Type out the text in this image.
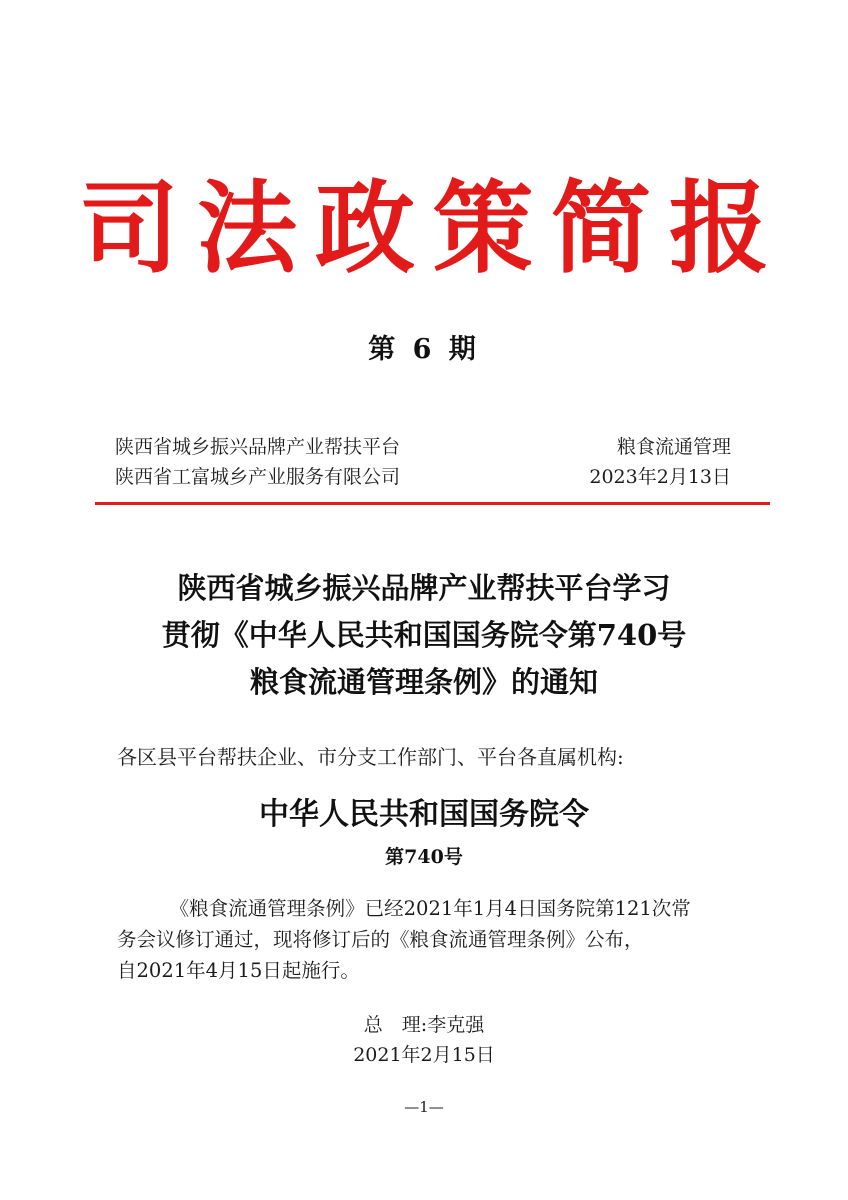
司法政策简报
第 6 期
陕西省城乡振兴品牌产业帮扶平台
陕西省工富城乡产业服务有限公司
粮食流通管理
2023年2月13日
陕西省城乡振兴品牌产业帮扶平台学习
贯彻《中华人民共和国国务院令第740号
粮食流通管理条例》的通知
各区县平台帮扶企业、市分支工作部门、平台各直属机构:
中华人民共和国国务院令
第740号

《粮食流通管理条例》已经2021年1月4日国务院第121次常

务会议修订通过，现将修订后的《粮食流通管理条例》公布，

自2021年4月15日起施行。

总　理:李克强
2021年2月15日
—1—
